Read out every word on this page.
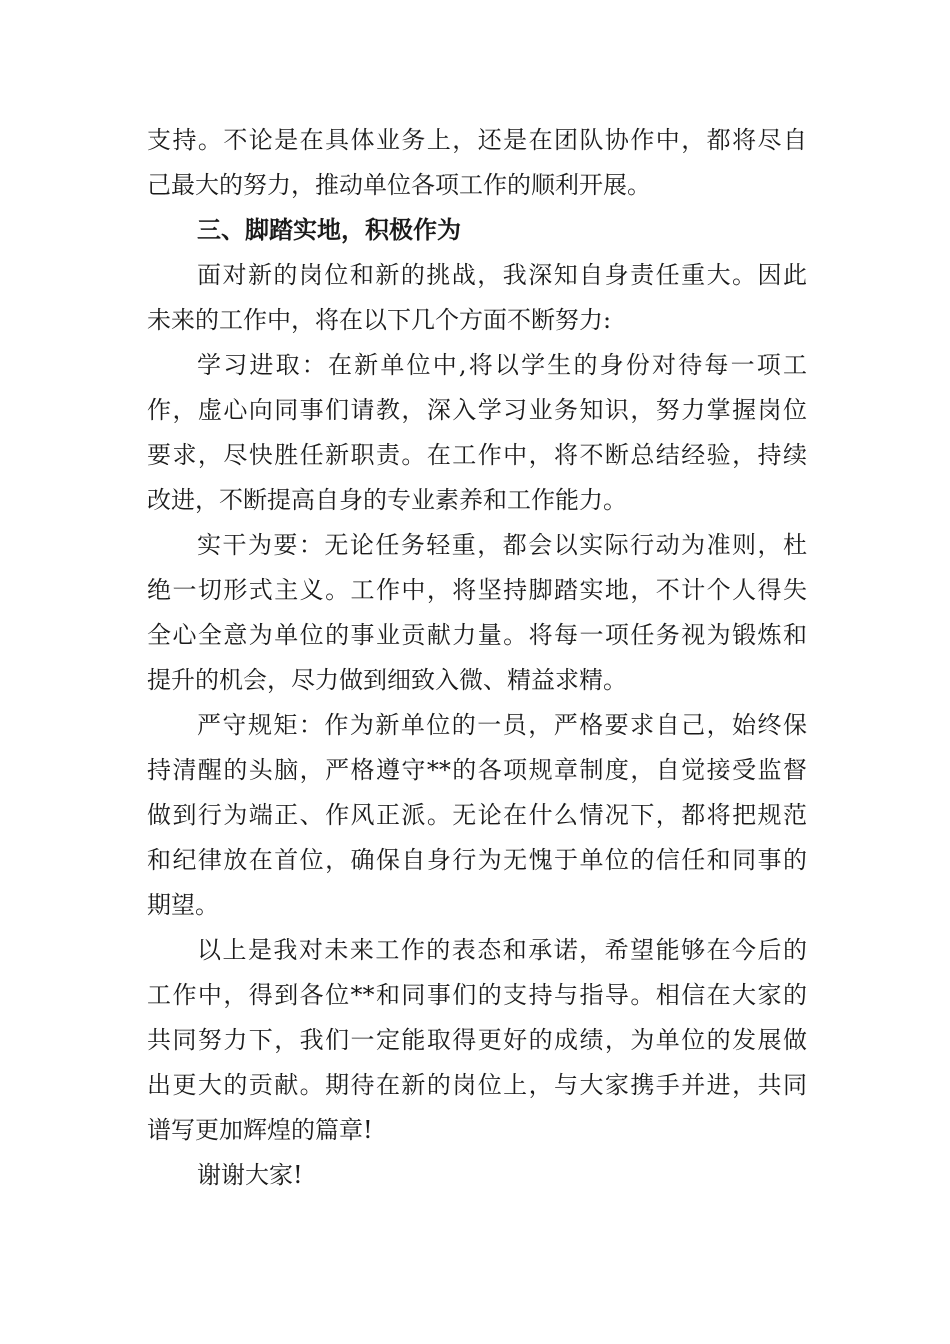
支持。不论是在具体业务上，还是在团队协作中，都将尽自
己最大的努力，推动单位各项工作的顺利开展。
三、脚踏实地，积极作为
面对新的岗位和新的挑战，我深知自身责任重大。因此
未来的工作中，将在以下几个方面不断努力:
学习进取：在新单位中,将以学生的身份对待每一项工
作，虚心向同事们请教，深入学习业务知识，努力掌握岗位
要求，尽快胜任新职责。在工作中，将不断总结经验，持续
改进，不断提高自身的专业素养和工作能力。
实干为要：无论任务轻重，都会以实际行动为准则，杜
绝一切形式主义。工作中，将坚持脚踏实地，不计个人得失
全心全意为单位的事业贡献力量。将每一项任务视为锻炼和
提升的机会，尽力做到细致入微、精益求精。
严守规矩：作为新单位的一员，严格要求自己，始终保
持清醒的头脑，严格遵守**的各项规章制度，自觉接受监督
做到行为端正、作风正派。无论在什么情况下，都将把规范
和纪律放在首位，确保自身行为无愧于单位的信任和同事的
期望。
以上是我对未来工作的表态和承诺，希望能够在今后的
工作中，得到各位**和同事们的支持与指导。相信在大家的
共同努力下，我们一定能取得更好的成绩，为单位的发展做
出更大的贡献。期待在新的岗位上，与大家携手并进，共同
谱写更加辉煌的篇章!
谢谢大家!
